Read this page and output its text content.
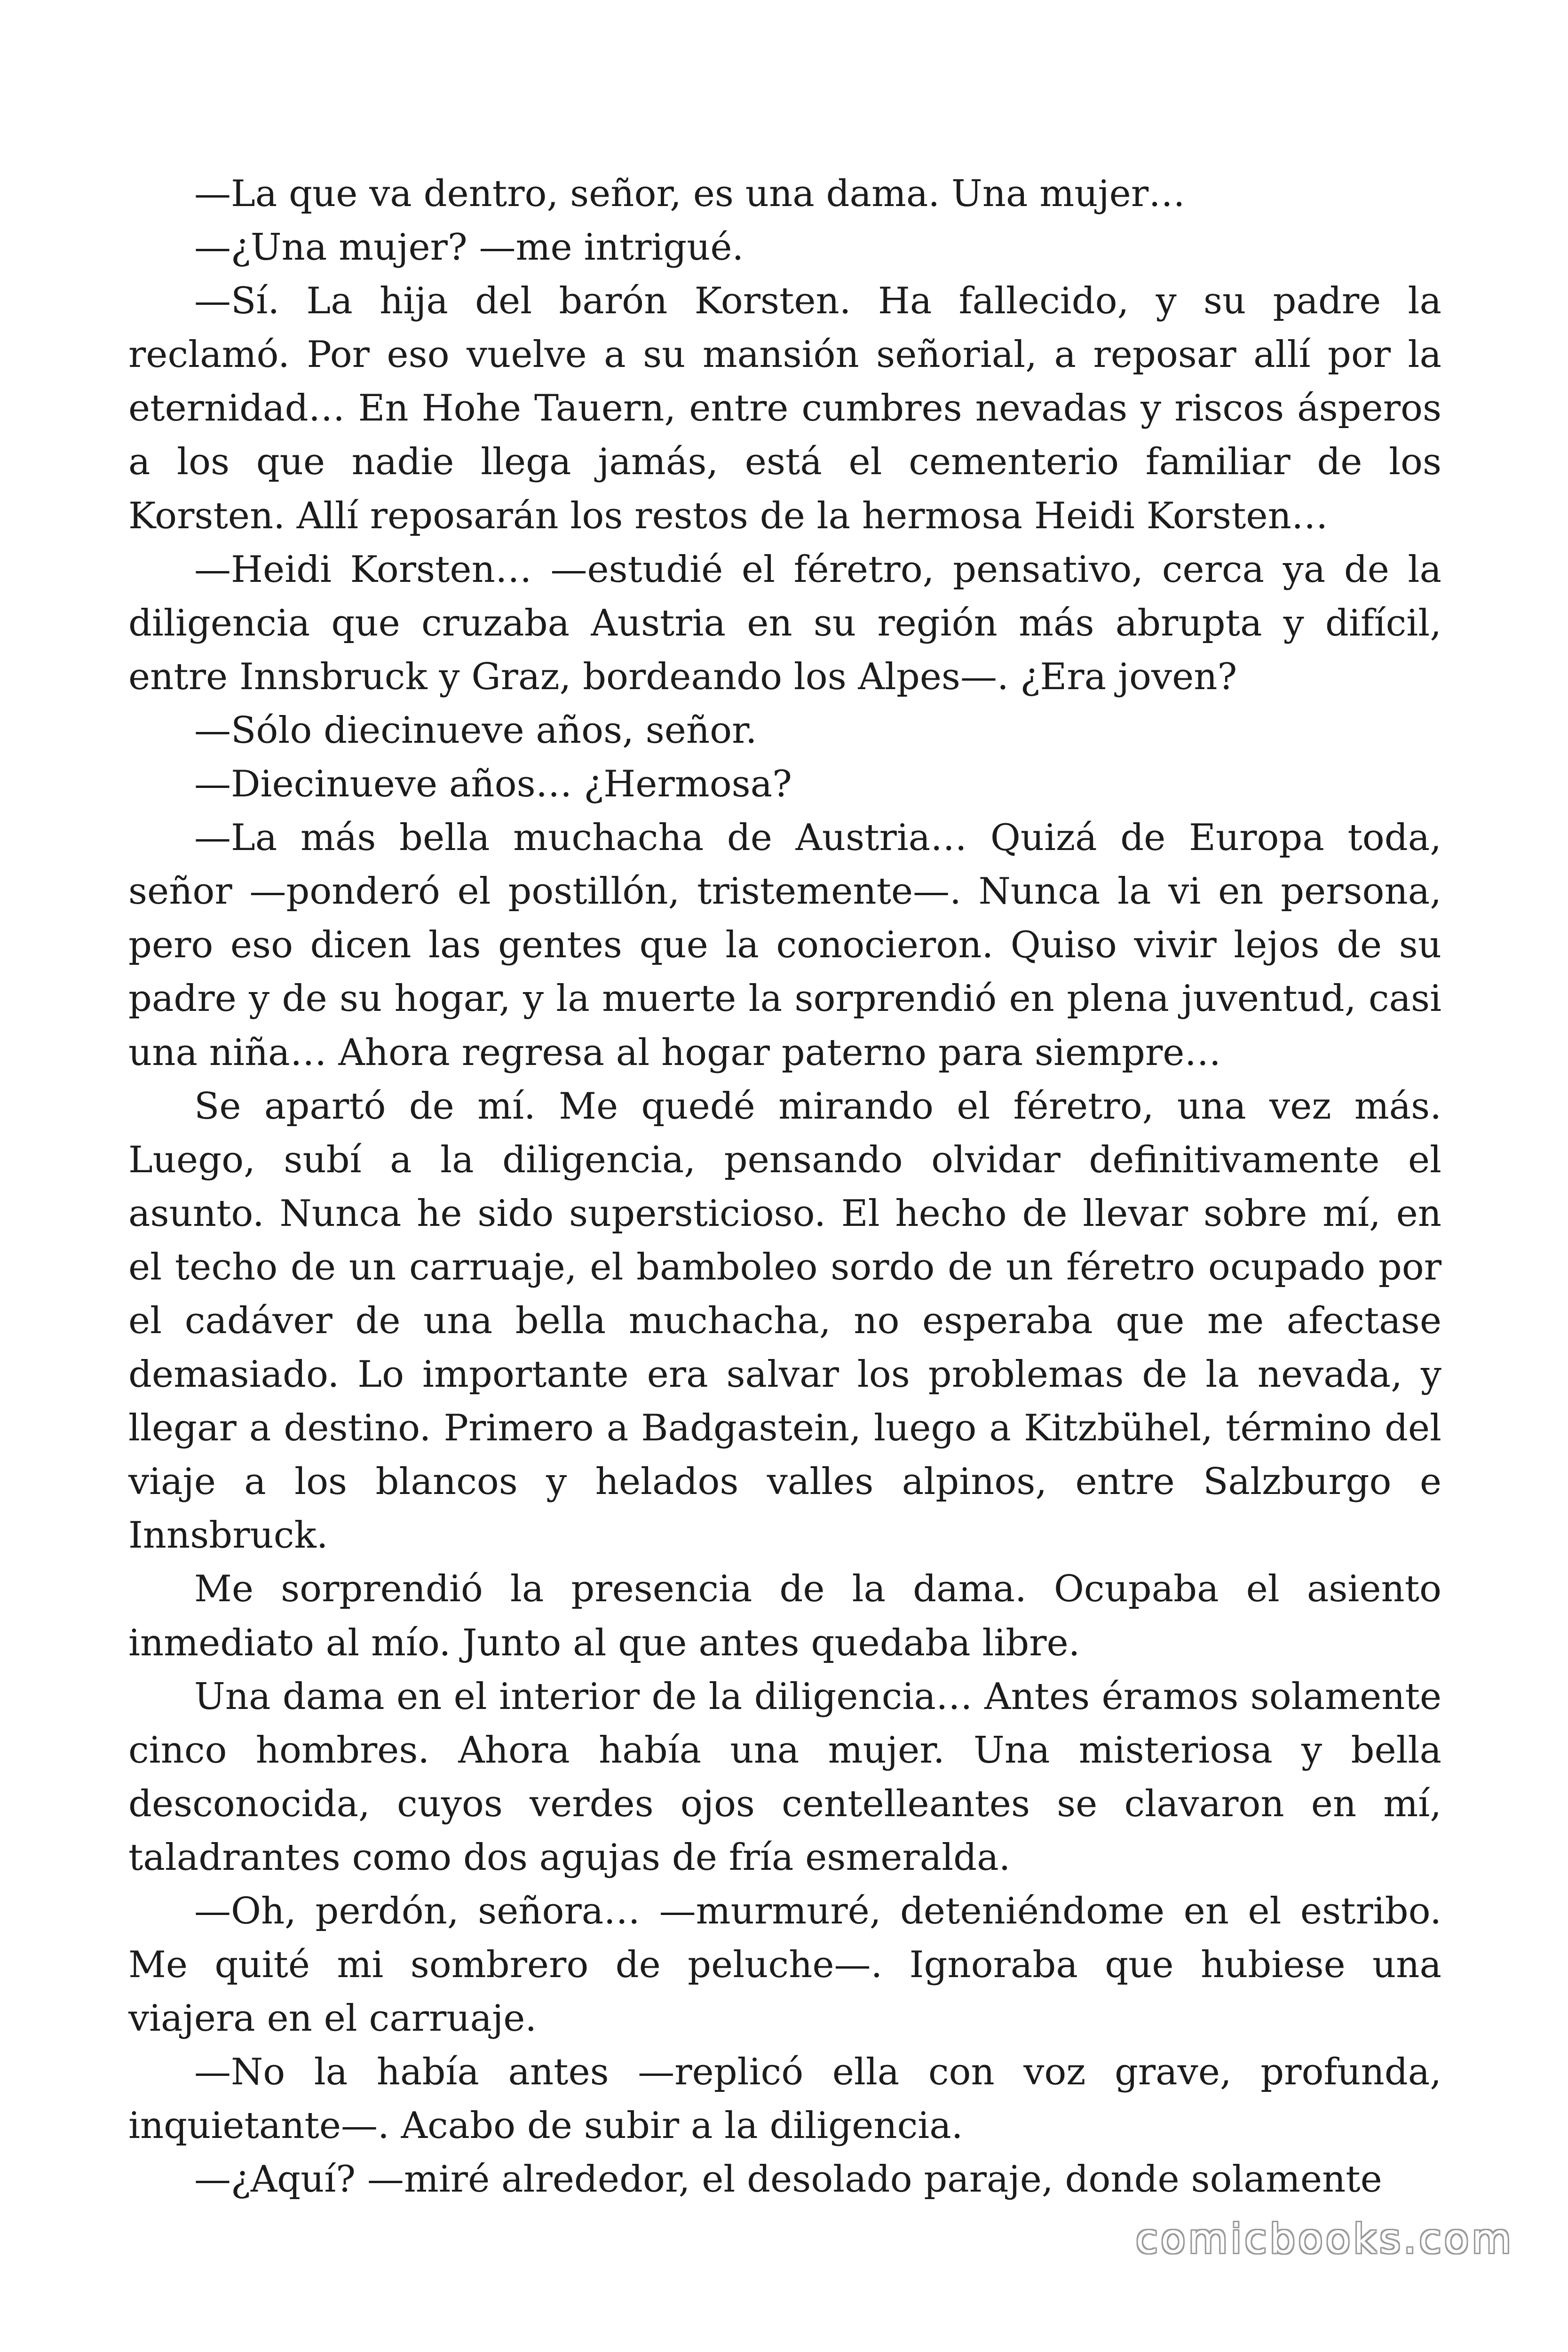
—La que va dentro, señor, es una dama. Una mujer…

—¿Una mujer? —me intrigué.

—Sí. La hija del barón Korsten. Ha fallecido, y su padre la reclamó. Por eso vuelve a su mansión señorial, a reposar allí por la eternidad… En Hohe Tauern, entre cumbres nevadas y riscos ásperos a los que nadie llega jamás, está el cementerio familiar de los Korsten. Allí reposarán los restos de la hermosa Heidi Korsten…

—Heidi Korsten… —estudié el féretro, pensativo, cerca ya de la diligencia que cruzaba Austria en su región más abrupta y difícil, entre Innsbruck y Graz, bordeando los Alpes—. ¿Era joven?

—Sólo diecinueve años, señor.

—Diecinueve años… ¿Hermosa?

—La más bella muchacha de Austria… Quizá de Europa toda, señor —ponderó el postillón, tristemente—. Nunca la vi en persona, pero eso dicen las gentes que la conocieron. Quiso vivir lejos de su padre y de su hogar, y la muerte la sorprendió en plena juventud, casi una niña… Ahora regresa al hogar paterno para siempre…

Se apartó de mí. Me quedé mirando el féretro, una vez más. Luego, subí a la diligencia, pensando olvidar definitivamente el asunto. Nunca he sido supersticioso. El hecho de llevar sobre mí, en el techo de un carruaje, el bamboleo sordo de un féretro ocupado por el cadáver de una bella muchacha, no esperaba que me afectase demasiado. Lo importante era salvar los problemas de la nevada, y llegar a destino. Primero a Badgastein, luego a Kitzbühel, término del viaje a los blancos y helados valles alpinos, entre Salzburgo e Innsbruck.

Me sorprendió la presencia de la dama. Ocupaba el asiento inmediato al mío. Junto al que antes quedaba libre.

Una dama en el interior de la diligencia… Antes éramos solamente cinco hombres. Ahora había una mujer. Una misteriosa y bella desconocida, cuyos verdes ojos centelleantes se clavaron en mí, taladrantes como dos agujas de fría esmeralda.

—Oh, perdón, señora… —murmuré, deteniéndome en el estribo. Me quité mi sombrero de peluche—. Ignoraba que hubiese una viajera en el carruaje.

—No la había antes —replicó ella con voz grave, profunda, inquietante—. Acabo de subir a la diligencia.

—¿Aquí? —miré alrededor, el desolado paraje, donde solamente

comicbooks.com
